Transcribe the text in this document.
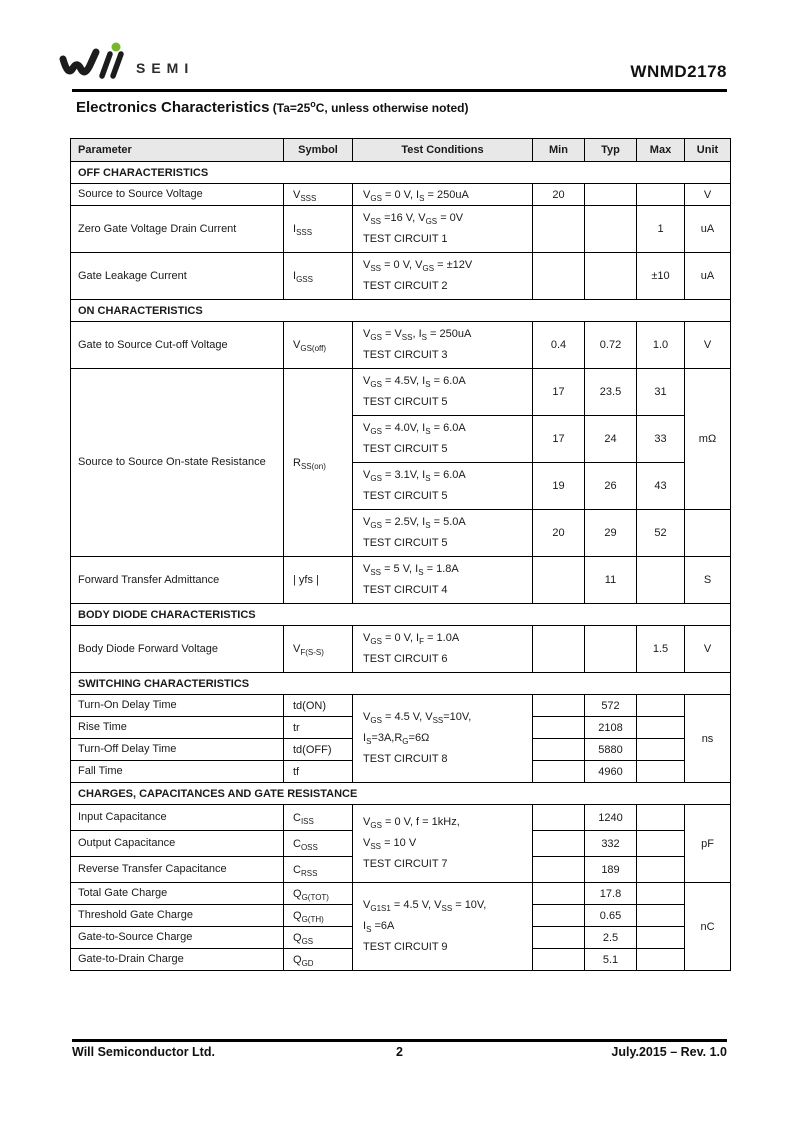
SEMI	WNMD2178
Electronics Characteristics ($Ta=25^oC$, unless otherwise noted)
Parameter	Symbol	Test Conditions	Min	Typ	Max	Unit
OFF CHARACTERISTICS						
Source to Source Voltage	$V_{SSS}$	$V_{GS} = 0$ V, $I_S = 250uA$	20			V
Zero Gate Voltage Drain Current	$I_{SSS}$	$V_{SS} =16$ V, $V_{GS} = 0V$
TEST CIRCUIT 1			1	uA
Gate Leakage Current	$I_{GSS}$	$V_{SS} = 0$ V, $V_{GS} = \pm 12V$
TEST CIRCUIT 2			±10	uA
ON CHARACTERISTICS						
Gate to Source Cut-off Voltage	$V_{GS(off)}$	$V_{GS} = V_{SS}$, $I_S = 250uA$
TEST CIRCUIT 3	0.4	0.72	1.0	V
Source to Source On-state Resistance	$R_{SS(on)}$	$V_{GS} = 4.5V$, $I_S = 6.0A$
TEST CIRCUIT 5	17	23.5	31	mΩ

		$V_{GS} = 4.0V$, $I_S = 6.0A$
TEST CIRCUIT 5	17	24	33	

		$V_{GS} = 3.1V$, $I_S = 6.0A$
TEST CIRCUIT 5	19	26	43	

		$V_{GS} = 2.5V$, $I_S = 5.0A$
TEST CIRCUIT 5	20	29	52	
Forward Transfer Admittance	| yfs |	$V_{SS} = 5$ V, $I_S = 1.8A$
TEST CIRCUIT 4		11		S
BODY DIODE CHARACTERISTICS						
Body Diode Forward Voltage	$V_{F(S-S)}$	$V_{GS} = 0$ V, $I_F = 1.0A$
TEST CIRCUIT 6			1.5	V
SWITCHING CHARACTERISTICS						
Turn-On Delay Time	td(ON)	$V_{GS} = 4.5$ V, $V_{SS}=10V$,
$I_S=3A,R_G=6\Omega$
TEST CIRCUIT 8		572		ns
Rise Time	tr			2108		
Turn-Off Delay Time	td(OFF)			5880		
Fall Time	tf			4960		
CHARGES, CAPACITANCES AND GATE RESISTANCE						
Input Capacitance	$C_{ISS}$	$V_{GS} = 0$ V, f = 1kHz,
$V_{SS} = 10$ V
TEST CIRCUIT 7		1240		pF
Output Capacitance	$C_{OSS}$			332		
Reverse Transfer Capacitance	$C_{RSS}$			189		
Total Gate Charge	$Q_{G(TOT)}$	$V_{G1S1} = 4.5$ V, $V_{SS} = 10V$,
$I_S =6A$
TEST CIRCUIT 9		17.8		nC
Threshold Gate Charge	$Q_{G(TH)}$			0.65		
Gate-to-Source Charge	$Q_{GS}$			2.5		
Gate-to-Drain Charge	$Q_{GD}$			5.1		
Will Semiconductor Ltd.	2	July.2015 – Rev. 1.0
